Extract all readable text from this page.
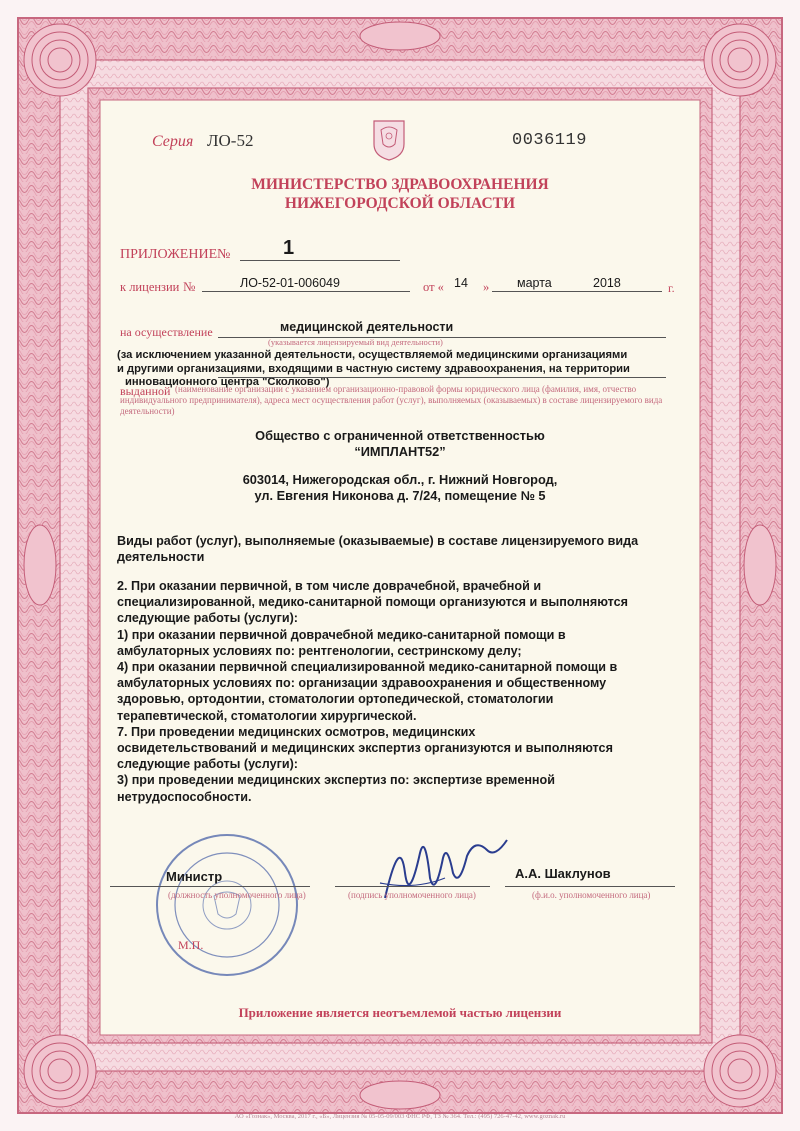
Серия ЛО-52	0036119
МИНИСТЕРСТВО ЗДРАВООХРАНЕНИЯ
НИЖЕГОРОДСКОЙ ОБЛАСТИ
ПРИЛОЖЕНИЕ №	1
к лицензии №	ЛО-52-01-006049	от « 14 » марта	2018	г.
на осуществление	медицинской деятельности
(указывается лицензируемый вид деятельности)
(за исключением указанной деятельности, осуществляемой медицинскими организациями
и другими организациями, входящими в частную систему здравоохранения, на территории
инновационного центра "Сколково")
выданной (наименование организации с указанием организационно-правовой формы юридического лица (фамилия, имя, отчество индивидуального предпринимателя), адреса мест осуществления работ (услуг), выполняемых (оказываемых) в составе лицензируемого вида деятельности)
Общество с ограниченной ответственностью
“ИМПЛАНТ52”
603014, Нижегородская обл., г. Нижний Новгород,
ул. Евгения Никонова д. 7/24, помещение № 5
Виды работ (услуг), выполняемые (оказываемые) в составе лицензируемого вида
деятельности
2. При оказании первичной, в том числе доврачебной, врачебной и
специализированной, медико-санитарной помощи организуются и выполняются
следующие работы (услуги):
1) при оказании первичной доврачебной медико-санитарной помощи в
амбулаторных условиях по: рентгенологии, сестринскому делу;
4) при оказании первичной специализированной медико-санитарной помощи в
амбулаторных условиях по: организации здравоохранения и общественному
здоровью, ортодонтии, стоматологии ортопедической, стоматологии
терапевтической, стоматологии хирургической.
7. При проведении медицинских осмотров, медицинских
освидетельствований и медицинских экспертиз организуются и выполняются
следующие работы (услуги):
3) при проведении медицинских экспертиз по: экспертизе временной
нетрудоспособности.
Министр
(должность уполномоченного лица)	(подпись уполномоченного лица)
А.А. Шаклунов
(ф.и.о. уполномоченного лица)
М.П.
Приложение является неотъемлемой частью лицензии
АО «Гознак», Москва, 2017 г., «Б», Лицензия № 05-05-09/003 ФНС РФ, ТЗ № 364. Тел.: (495) 726-47-42, www.goznak.ru
